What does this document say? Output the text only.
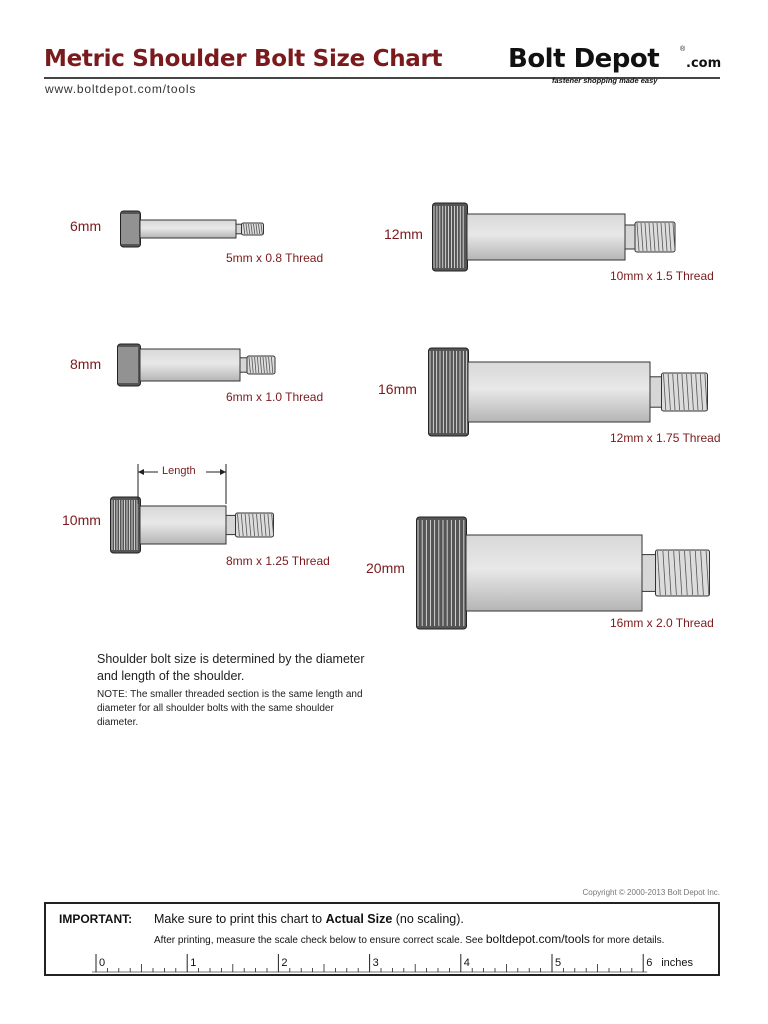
Metric Shoulder Bolt Size Chart
www.boltdepot.com/tools
Bolt Depot	®
.com
fastener shopping made easy
6mm
8mm
10mm
12mm
16mm
20mm
5mm x 0.8 Thread
6mm x 1.0 Thread
8mm x 1.25 Thread
10mm x 1.5 Thread
12mm x 1.75 Thread
16mm x 2.0 Thread
Length
Shoulder bolt size is determined by the diameter and length of the shoulder.
NOTE: The smaller threaded section is the same length and diameter for all shoulder bolts with the same shoulder diameter.
Copyright © 2000-2013 Bolt Depot Inc.
IMPORTANT: Make sure to print this chart to Actual Size (no scaling).
After printing, measure the scale check below to ensure correct scale. See boltdepot.com/tools for more details.
0	1	2	3	4	5	6 inches
